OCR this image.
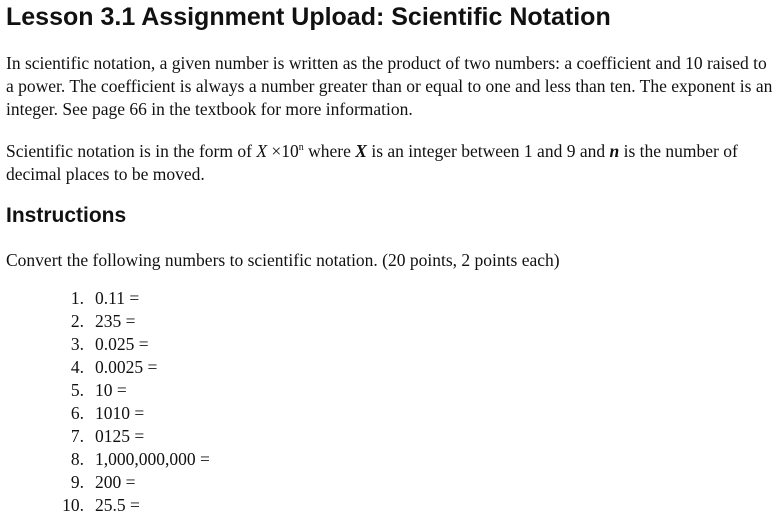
Lesson 3.1 Assignment Upload: Scientific Notation

In scientific notation, a given number is written as the product of two numbers: a coefficient and 10 raised to a power. The coefficient is always a number greater than or equal to one and less than ten. The exponent is an integer. See page 66 in the textbook for more information.

Scientific notation is in the form of $X \times 10^n$ where X is an integer between 1 and 9 and n is the number of decimal places to be moved.

Instructions

Convert the following numbers to scientific notation. (20 points, 2 points each)

1. 0.11 =
2. 235 =
3. 0.025 =
4. 0.0025 =
5. 10 =
6. 1010 =
7. 0125 =
8. 1,000,000,000 =
9. 200 =
10. 25.5 =
